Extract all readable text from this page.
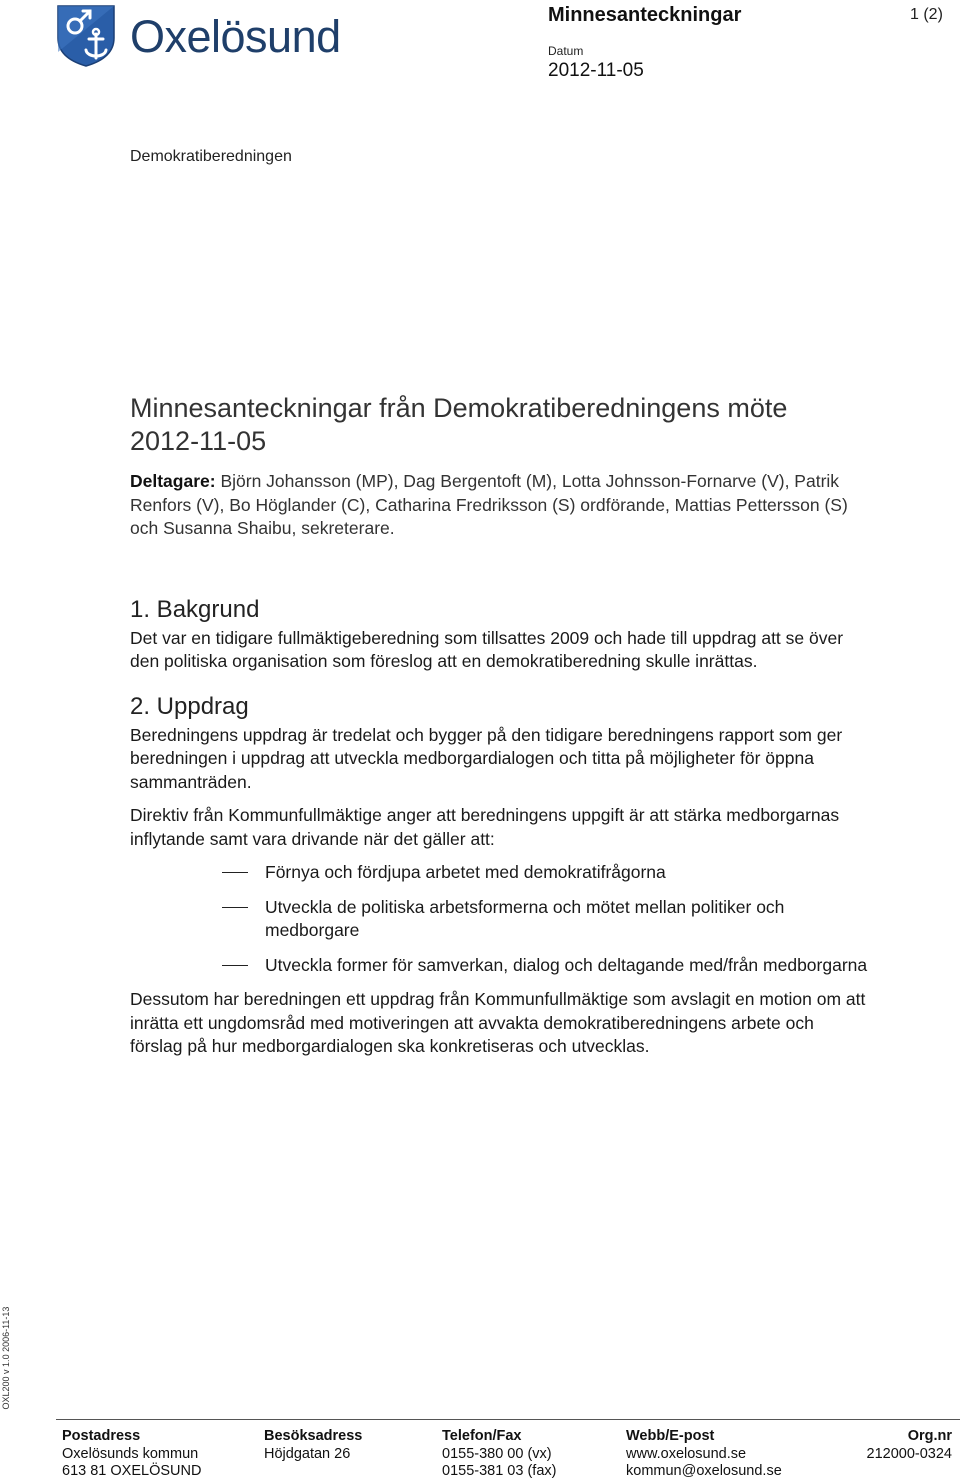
Oxelösund	Minnesanteckningar	1 (2)
Datum
2012-11-05
Demokratiberedningen
Minnesanteckningar från Demokratiberedningens möte
2012-11-05

Deltagare: Björn Johansson (MP), Dag Bergentoft (M), Lotta Johnsson-Fornarve (V), Patrik Renfors (V), Bo Höglander (C), Catharina Fredriksson (S) ordförande, Mattias Pettersson (S) och Susanna Shaibu, sekreterare.

1. Bakgrund

Det var en tidigare fullmäktigeberedning som tillsattes 2009 och hade till uppdrag att se över den politiska organisation som föreslog att en demokratiberedning skulle inrättas.

2. Uppdrag

Beredningens uppdrag är tredelat och bygger på den tidigare beredningens rapport som ger beredningen i uppdrag att utveckla medborgardialogen och titta på möjligheter för öppna sammanträden.

Direktiv från Kommunfullmäktige anger att beredningens uppgift är att stärka medborgarnas inflytande samt vara drivande när det gäller att:

Förnya och fördjupa arbetet med demokratifrågorna
Utveckla de politiska arbetsformerna och mötet mellan politiker och medborgare
Utveckla former för samverkan, dialog och deltagande med/från medborgarna

Dessutom har beredningen ett uppdrag från Kommunfullmäktige som avslagit en motion om att inrätta ett ungdomsråd med motiveringen att avvakta demokratiberedningens arbete och förslag på hur medborgardialogen ska konkretiseras och utvecklas.

OXL200 v 1.0 2006-11-13
Postadress
Oxelösunds kommun
613 81 OXELÖSUND
Besöksadress
Höjdgatan 26
Telefon/Fax
0155-380 00 (vx)
0155-381 03 (fax)
Webb/E-post
www.oxelosund.se
kommun@oxelosund.se
Org.nr
212000-0324
